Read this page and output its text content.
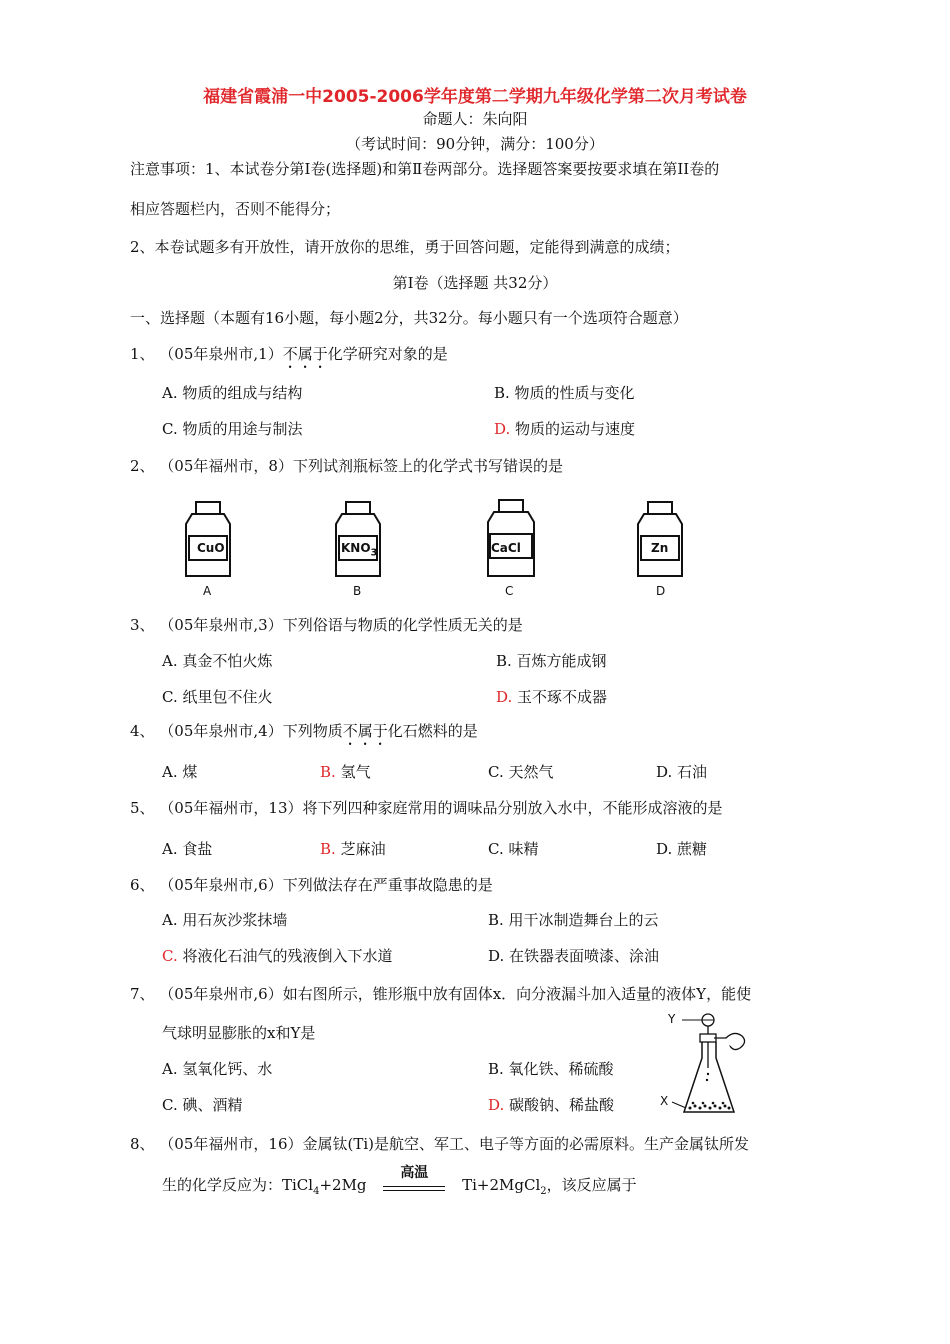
福建省霞浦一中2005-2006学年度第二学期九年级化学第二次月考试卷
命题人：朱向阳
（考试时间：90分钟，满分：100分）
注意事项：1、本试卷分第Ⅰ卷(选择题)和第Ⅱ卷两部分。选择题答案要按要求填在第II卷的
相应答题栏内，否则不能得分；
2、本卷试题多有开放性，请开放你的思维，勇于回答问题，定能得到满意的成绩；
第Ⅰ卷（选择题 共32分）
一、选择题（本题有16小题，每小题2分，共32分。每小题只有一个选项符合题意）
1、 （05年泉州市,1）不属于化学研究对象的是
A. 物质的组成与结构	B. 物质的性质与变化
C. 物质的用途与制法	D. 物质的运动与速度
2、 （05年福州市，8）下列试剂瓶标签上的化学式书写错误的是
CuO
A
$KNO_3$
B
CaCl
C
Zn
D
3、 （05年泉州市,3）下列俗语与物质的化学性质无关的是
A. 真金不怕火炼	B. 百炼方能成钢
C. 纸里包不住火	D. 玉不琢不成器
4、 （05年泉州市,4）下列物质不属于化石燃料的是
A. 煤	B. 氢气	C. 天然气	D. 石油
5、 （05年福州市，13）将下列四种家庭常用的调味品分别放入水中，不能形成溶液的是
A. 食盐	B. 芝麻油	C. 味精	D. 蔗糖
6、 （05年泉州市,6）下列做法存在严重事故隐患的是
A. 用石灰沙浆抹墙	B. 用干冰制造舞台上的云
C. 将液化石油气的残液倒入下水道	D. 在铁器表面喷漆、涂油
7、 （05年泉州市,6）如右图所示，锥形瓶中放有固体x．向分液漏斗加入适量的液体Y，能使
气球明显膨胀的x和Y是
A. 氢氧化钙、水	B. 氧化铁、稀硫酸
C. 碘、酒精	D. 碳酸钠、稀盐酸
Y
X
8、 （05年福州市，16）金属钛(Ti)是航空、军工、电子等方面的必需原料。生产金属钛所发
生的化学反应为：TiCl$_4$+2Mg
高温
Ti+2MgCl$_2$，该反应属于
